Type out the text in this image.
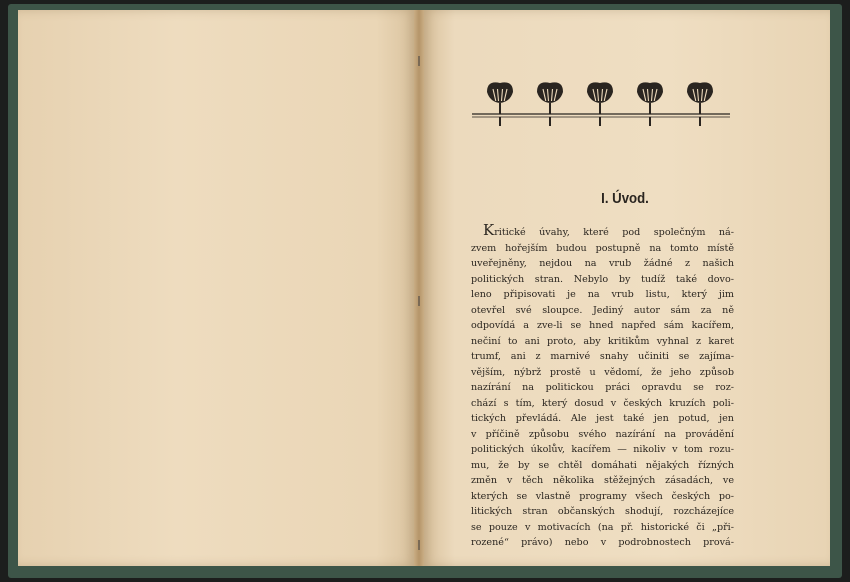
I. Úvod.
Kritické úvahy, které pod společným ná-
zvem hořejším budou postupně na tomto místě
uveřejněny, nejdou na vrub žádné z našich
politických stran. Nebylo by tudíž také dovo-
leno připisovati je na vrub listu, který jim
otevřel své sloupce. Jediný autor sám za ně
odpovídá a zve-li se hned napřed sám kacířem,
nečiní to ani proto, aby kritikům vyhnal z karet
trumf, ani z marnivé snahy učiniti se zajíma-
vějším, nýbrž prostě u vědomí, že jeho způsob
nazírání na politickou práci opravdu se roz-
chází s tím, který dosud v českých kruzích poli-
tických převládá. Ale jest také jen potud, jen
v příčině způsobu svého nazírání na provádění
politických úkolův, kacířem — nikoliv v tom rozu-
mu, že by se chtěl domáhati nějakých řízných
změn v těch několika stěžejných zásadách, ve
kterých se vlastně programy všech českých po-
litických stran občanských shodují, rozcházejíce
se pouze v motivacích (na př. historické či „při-
rozené“ právo) nebo v podrobnostech prová-
